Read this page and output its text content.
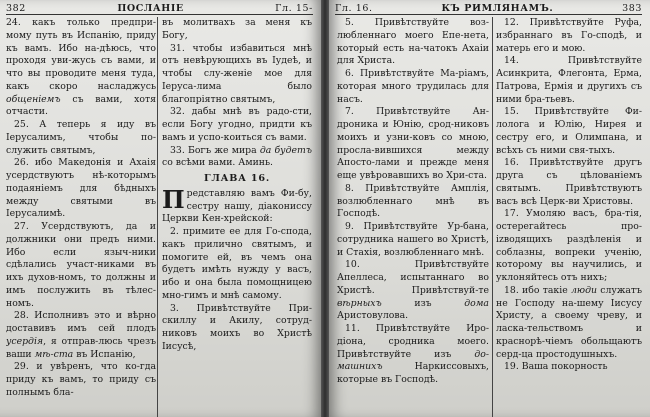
382	ПОСЛАНІЕ	Гл. 15-

24. какъ только предпри-мому путь въ Испанію, приду къ вамъ. Ибо на-дѣюсь, что проходя уви-жусь съ вами, и что вы проводите меня туда, какъ скоро насладжусь общеніемъ съ вами, хотя отчасти.

25. А теперь я иду въ Іерусалимъ, чтобы по-служить святымъ,

26. ибо Македонія и Ахаія усердствуютъ нѣ-которымъ подаяніемъ для бѣдныхъ между святыми въ Іерусалимѣ.

27. Усердствуютъ, да и должники они предъ ними. Ибо если языч-ники сдѣлались участ-никами въ ихъ духов-номъ, то должны и имъ послужить въ тѣлес-номъ.

28. Исполнивъ это и вѣрно доставивъ имъ сей плодъ усердія, я отправ-люсь чрезъ ваши мѣ-ста въ Испанію,

29. и увѣренъ, что ко-гда приду къ вамъ, то приду съ полнымъ бла-

въ молитвахъ за меня къ Богу,

31. чтобы избавиться мнѣ отъ невѣрующихъ въ Іудеѣ, и чтобы слу-женіе мое для Іеруса-лима было благопріятно святымъ,

32. дабы мнѣ въ радо-сти, если Богу угодно, придти къ вамъ и успо-коиться съ вами.

33. Богъ же мира да будетъ со всѣми вами. Аминь.

ГЛАВА 16.

Представляю вамъ Фи-бу, сестру нашу, діакониссу Церкви Кен-хрейской:

2. примите ее для Го-спода, какъ прилично святымъ, и помогите ей, въ чемъ она будетъ имѣть нужду у васъ, ибо и она была помощницею мно-гимъ и мнѣ самому.

3. Привѣтствуйте При-скиллу и Акилу, сотруд-никовъ моихъ во Христѣ Іисусѣ,

Гл. 16.	КЪ РИМЛЯНАМЪ.	383

5. Привѣтствуйте воз-любленнаго моего Епе-нета, который есть на-чатокъ Ахаіи для Христа.

6. Привѣтствуйте Ма-ріамъ, которая много трудилась для насъ.

7. Привѣтствуйте Ан-дроника и Юнію, срод-никовъ моихъ и узни-ковъ со мною, просла-вившихся между Апосто-лами и прежде меня еще увѣровавшихъ во Хри-ста.

8. Привѣтствуйте Амплія, возлюбленнаго мнѣ въ Господѣ.

9. Привѣтствуйте Ур-бана, сотрудника нашего во Христѣ, и Стахія, возлюбленнаго мнѣ.

10. Привѣтствуйте Апеллеса, испытаннаго во Христѣ. Привѣтствуй-те вѣрныхъ	изъ	дома Аристовулова.

11. Привѣтствуйте Иро-діона, сродника моего. Привѣтствуйте изъ до-машнихъ	Наркиссовыхъ, которые въ Господѣ.

12. Привѣтствуйте Руфа, избраннаго въ Го-сподѣ, и матерь его и мою.

14. Привѣтствуйте Асинкрита, Флегонта, Ерма, Патрова, Ермія и другихъ съ ними бра-тьевъ.

15. Привѣтствуйте Фи-лолога и Юлію, Нирея и сестру его, и Олимпана, и всѣхъ съ ними свя-тыхъ.

16. Привѣтствуйте другъ друга съ цѣлованіемъ святымъ. Привѣтствуютъ васъ всѣ Церк-ви Христовы.

17. Умоляю васъ, бра-тія, остерегайтесь про-izводящихъ раздѣленія и соблазны, вопреки ученію, которому вы научились, и уклоняйтесь отъ нихъ;

18. ибо такіе люди служатъ не Господу на-шему Іисусу Христу, а своему чреву, и ласка-тельствомъ и краснорѣ-чіемъ обольщаютъ серд-ца простодушныхъ.

19. Ваша покорность
